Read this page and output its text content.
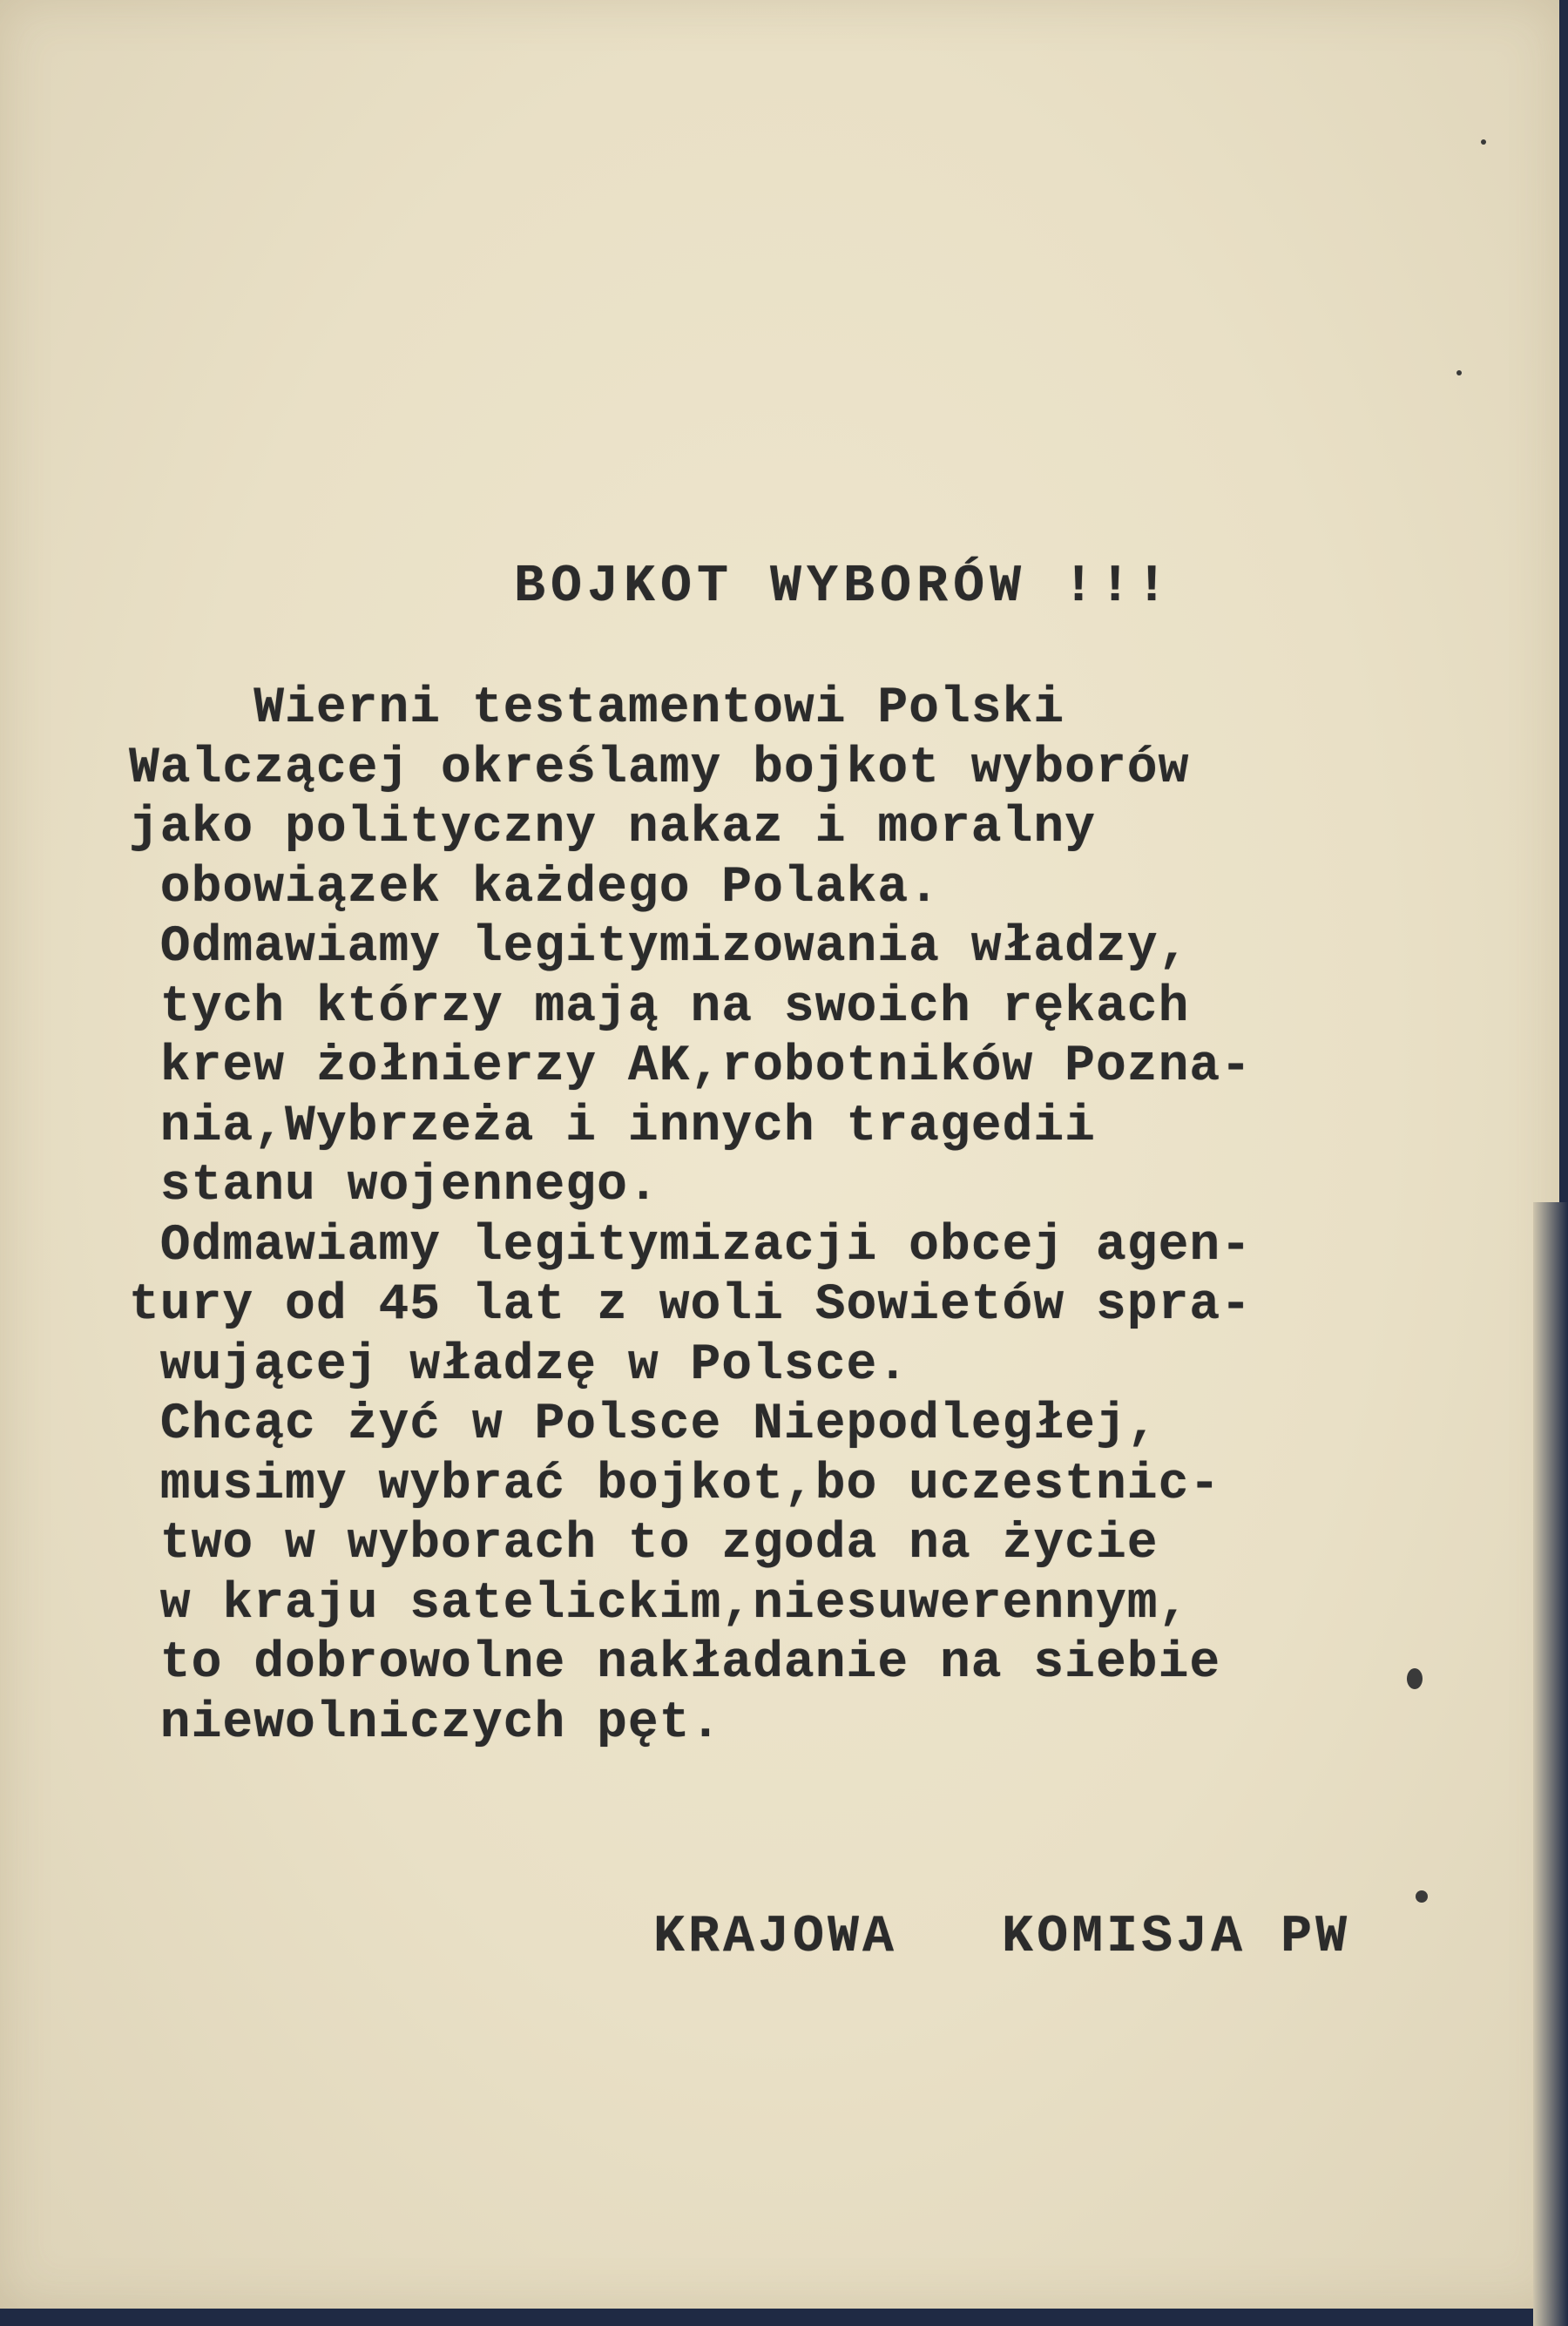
BOJKOT WYBORÓW !!!
Wierni testamentowi Polski
Walczącej określamy bojkot wyborów
jako polityczny nakaz i moralny
obowiązek każdego Polaka.
Odmawiamy legitymizowania władzy,
tych którzy mają na swoich rękach
krew żołnierzy AK,robotników Pozna-
nia,Wybrzeża i innych tragedii
stanu wojennego.
Odmawiamy legitymizacji obcej agen-
tury od 45 lat z woli Sowietów spra-
wującej władzę w Polsce.
Chcąc żyć w Polsce Niepodległej,
musimy wybrać bojkot,bo uczestnic-
two w wyborach to zgoda na życie
w kraju satelickim,niesuwerennym,
to dobrowolne nakładanie na siebie
niewolniczych pęt.
KRAJOWA   KOMISJA PW
